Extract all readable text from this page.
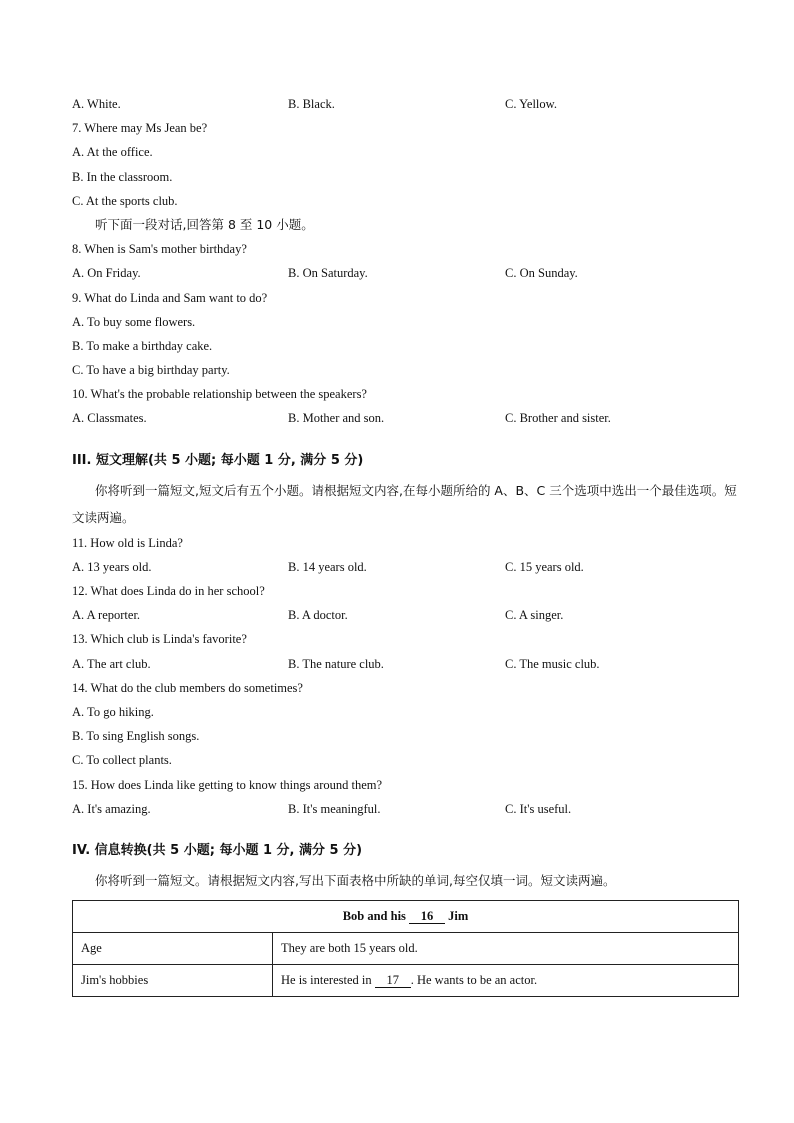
A. White.	B. Black.	C. Yellow.
7. Where may Ms Jean be?
A. At the office.
B. In the classroom.
C. At the sports club.
听下面一段对话,回答第 8 至 10 小题。
8. When is Sam's mother birthday?
A. On Friday.	B. On Saturday.	C. On Sunday.
9. What do Linda and Sam want to do?
A. To buy some flowers.
B. To make a birthday cake.
C. To have a big birthday party.
10. What's the probable relationship between the speakers?
A. Classmates.	B. Mother and son.	C. Brother and sister.
III. 短文理解(共 5 小题; 每小题 1 分, 满分 5 分)
你将听到一篇短文,短文后有五个小题。请根据短文内容,在每小题所给的 A、B、C 三个选项中选出一个最佳选项。短文读两遍。
11. How old is Linda?
A. 13 years old.	B. 14 years old.	C. 15 years old.
12. What does Linda do in her school?
A. A reporter.	B. A doctor.	C. A singer.
13. Which club is Linda's favorite?
A. The art club.	B. The nature club.	C. The music club.
14. What do the club members do sometimes?
A. To go hiking.
B. To sing English songs.
C. To collect plants.
15. How does Linda like getting to know things around them?
A. It's amazing.	B. It's meaningful.	C. It's useful.
IV. 信息转换(共 5 小题; 每小题 1 分, 满分 5 分)
你将听到一篇短文。请根据短文内容,写出下面表格中所缺的单词,每空仅填一词。短文读两遍。
Bob and his 16 Jim	
Age	They are both 15 years old.
Jim's hobbies	He is interested in 17 . He wants to be an actor.
